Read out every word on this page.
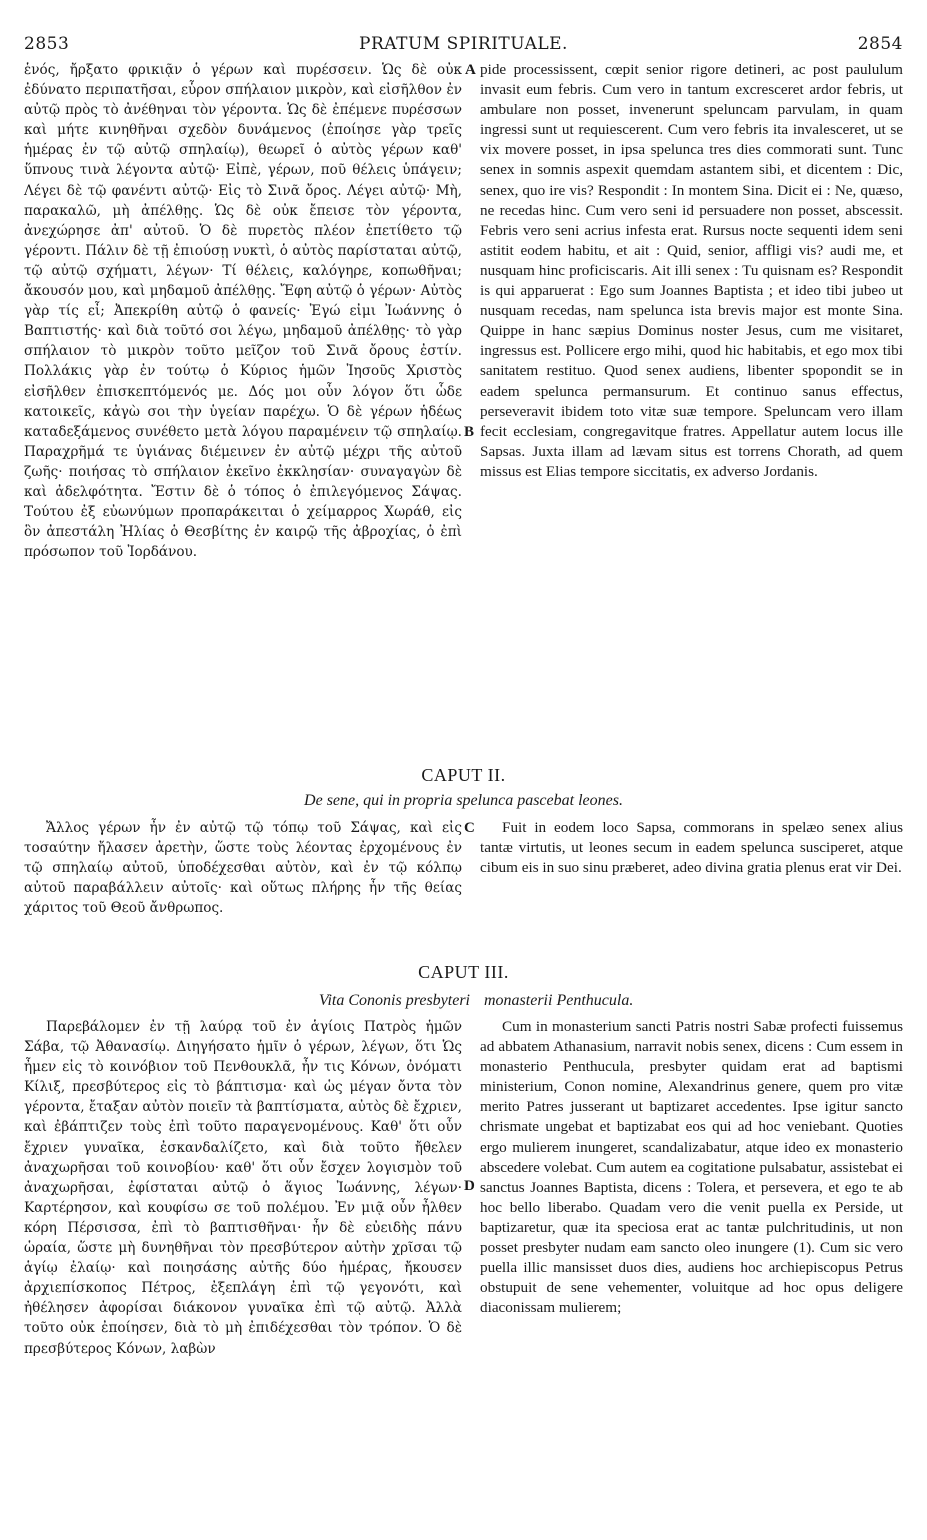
2853	PRATUM SPIRITUALE.	2854

ἑνός, ἤρξατο φρικιᾷν ὁ γέρων καὶ πυρέσσειν. Ὡς δὲ οὐκ ἐδύνατο περιπατῆσαι, εὗρον σπήλαιον μικρὸν, καὶ εἰσῆλθον ἐν αὐτῷ πρὸς τὸ ἀνέθηναι τὸν γέροντα. Ὡς δὲ ἐπέμενε πυρέσσων καὶ μήτε κινηθῆναι σχεδὸν δυνάμενος (ἐποίησε γὰρ τρεῖς ἡμέρας ἐν τῷ αὐτῷ σπηλαίῳ), θεωρεῖ ὁ αὐτὸς γέρων καθ' ὕπνους τινὰ λέγοντα αὐτῷ· Εἰπὲ, γέρων, ποῦ θέλεις ὑπάγειν; Λέγει δὲ τῷ φανέντι αὐτῷ· Εἰς τὸ Σινᾶ ὄρος. Λέγει αὐτῷ· Μὴ, παρακαλῶ, μὴ ἀπέλθῃς. Ὡς δὲ οὐκ ἔπεισε τὸν γέροντα, ἀνεχώρησε ἀπ' αὐτοῦ. Ὁ δὲ πυρετὸς πλέον ἐπετίθετο τῷ γέροντι. Πάλιν δὲ τῇ ἐπιούσῃ νυκτὶ, ὁ αὐτὸς παρίσταται αὐτῷ, τῷ αὐτῷ σχήματι, λέγων· Τί θέλεις, καλόγηρε, κοπωθῆναι; ἄκουσόν μου, καὶ μηδαμοῦ ἀπέλθῃς. Ἔφη αὐτῷ ὁ γέρων· Αὐτὸς γὰρ τίς εἶ; Ἀπεκρίθη αὐτῷ ὁ φανείς· Ἐγώ εἰμι Ἰωάννης ὁ Βαπτιστής· καὶ διὰ τοῦτό σοι λέγω, μηδαμοῦ ἀπέλθῃς· τὸ γὰρ σπήλαιον τὸ μικρὸν τοῦτο μεῖζον τοῦ Σινᾶ ὄρους ἐστίν. Πολλάκις γὰρ ἐν τούτῳ ὁ Κύριος ἡμῶν Ἰησοῦς Χριστὸς εἰσῆλθεν ἐπισκεπτόμενός με. Δός μοι οὖν λόγον ὅτι ὧδε κατοικεῖς, κἀγὼ σοι τὴν ὑγείαν παρέχω. Ὁ δὲ γέρων ἡδέως καταδεξάμενος συνέθετο μετὰ λόγου παραμένειν τῷ σπηλαίῳ. Παραχρῆμά τε ὑγιάνας διέμεινεν ἐν αὐτῷ μέχρι τῆς αὐτοῦ ζωῆς· ποιήσας τὸ σπήλαιον ἐκεῖνο ἐκκλησίαν· συναγαγὼν δὲ καὶ ἀδελφότητα. Ἔστιν δὲ ὁ τόπος ὁ ἐπιλεγόμενος Σάψας. Τούτου ἐξ εὐωνύμων προπαράκειται ὁ χείμαρρος Χωράθ, εἰς ὃν ἀπεστάλη Ἠλίας ὁ Θεσβίτης ἐν καιρῷ τῆς ἀβροχίας, ὁ ἐπὶ πρόσωπον τοῦ Ἰορδάνου.

A pide processissent, cœpit senior rigore detineri, ac post paululum invasit eum febris. Cum vero in tantum excresceret ardor febris, ut ambulare non posset, invenerunt speluncam parvulam, in quam ingressi sunt ut requiescerent. Cum vero febris ita invalesceret, ut se vix movere posset, in ipsa spelunca tres dies commorati sunt. Tunc senex in somnis aspexit quemdam astantem sibi, et dicentem : Dic, senex, quo ire vis? Respondit : In montem Sina. Dicit ei : Ne, quæso, ne recedas hinc. Cum vero seni id persuadere non posset, abscessit. Febris vero seni acrius infesta erat. Rursus nocte sequenti idem seni astitit eodem habitu, et ait : Quid, senior, affligi vis? audi me, et nusquam hinc proficiscaris. Ait illi senex : Tu quisnam es? Respondit is qui apparuerat : Ego sum Joannes Baptista ; et ideo tibi jubeo ut nusquam recedas, nam spelunca ista brevis major est monte Sina. Quippe in hanc sæpius Dominus noster Jesus, cum me visitaret, ingressus est. Pollicere ergo mihi, quod hic habitabis, et ego mox tibi sanitatem restituo. Quod senex audiens, libenter spopondit se in eadem spelunca permansurum. Et continuo sanus effectus, perseveravit ibidem toto vitæ suæ tempore. Speluncam vero illam fecit ecclesiam, congregavitque fratres. Appellatur autem locus ille Sapsas. Juxta illam ad lævam situs est torrens Chorath, ad quem missus est Elias tempore siccitatis, ex adverso Jordanis.

B
CAPUT II.
De sene, qui in propria spelunca pascebat leones.

Ἄλλος γέρων ἦν ἐν αὐτῷ τῷ τόπῳ τοῦ Σάψας, καὶ εἰς τοσαύτην ἤλασεν ἀρετὴν, ὥστε τοὺς λέοντας ἐρχομένους ἐν τῷ σπηλαίῳ αὐτοῦ, ὑποδέχεσθαι αὐτὸν, καὶ ἐν τῷ κόλπῳ αὐτοῦ παραβάλλειν αὐτοῖς· καὶ οὕτως πλήρης ἦν τῆς θείας χάριτος τοῦ Θεοῦ ἄνθρωπος.

C	Fuit in eodem loco Sapsa, commorans in spelæo senex alius tantæ virtutis, ut leones secum in eadem spelunca susciperet, atque cibum eis in suo sinu præberet, adeo divina gratia plenus erat vir Dei.

CAPUT III.
Vita Cononis presbyteri monasterii Penthucula.

Παρεβάλομεν ἐν τῇ λαύρᾳ τοῦ ἐν ἁγίοις Πατρὸς ἡμῶν Σάβα, τῷ Ἀθανασίῳ. Διηγήσατο ἡμῖν ὁ γέρων, λέγων, ὅτι Ὡς ἦμεν εἰς τὸ κοινόβιον τοῦ Πενθουκλᾶ, ἦν τις Κόνων, ὀνόματι Κίλιξ, πρεσβύτερος εἰς τὸ βάπτισμα· καὶ ὡς μέγαν ὄντα τὸν γέροντα, ἔταξαν αὐτὸν ποιεῖν τὰ βαπτίσματα, αὐτὸς δὲ ἔχριεν, καὶ ἐβάπτιζεν τοὺς ἐπὶ τοῦτο παραγενομένους. Καθ' ὅτι οὖν ἔχριεν γυναῖκα, ἐσκανδαλίζετο, καὶ διὰ τοῦτο ἤθελεν ἀναχωρῆσαι τοῦ κοινοβίου· καθ' ὅτι οὖν ἔσχεν λογισμὸν τοῦ ἀναχωρῆσαι, ἐφίσταται αὐτῷ ὁ ἅγιος Ἰωάννης, λέγων· Καρτέρησον, καὶ κουφίσω σε τοῦ πολέμου. Ἐν μιᾷ οὖν ἦλθεν κόρη Πέρσισσα, ἐπὶ τὸ βαπτισθῆναι· ἦν δὲ εὐειδὴς πάνυ ὡραία, ὥστε μὴ δυνηθῆναι τὸν πρεσβύτερον αὐτὴν χρῖσαι τῷ ἁγίῳ ἐλαίῳ· καὶ ποιησάσης αὐτῆς δύο ἡμέρας, ἤκουσεν ἀρχιεπίσκοπος Πέτρος, ἐξεπλάγη ἐπὶ τῷ γεγονότι, καὶ ἠθέλησεν ἀφορίσαι διάκονον γυναῖκα ἐπὶ τῷ αὐτῷ. Ἀλλὰ τοῦτο οὐκ ἐποίησεν, διὰ τὸ μὴ ἐπιδέχεσθαι τὸν τρόπον. Ὁ δὲ πρεσβύτερος Κόνων, λαβὼν

Cum in monasterium sancti Patris nostri Sabæ profecti fuissemus ad abbatem Athanasium, narravit nobis senex, dicens : Cum essem in monasterio Penthucula, presbyter quidam erat ad baptismi ministerium, Conon nomine, Alexandrinus genere, quem pro vitæ merito Patres jusserant ut baptizaret accedentes. Ipse igitur sancto chrismate ungebat et baptizabat eos qui ad hoc veniebant. Quoties ergo mulierem inungeret, scandalizabatur, atque ideo ex monasterio abscedere volebat. Cum autem ea cogitatione pulsabatur, assistebat ei sanctus Joannes Baptista, dicens : Tolera, et persevera, et ego te ab hoc bello liberabo. Quadam vero die venit puella ex Perside, ut baptizaretur, quæ ita speciosa erat ac tantæ pulchritudinis, ut non posset presbyter nudam eam sancto oleo inungere (1). Cum sic vero puella illic mansisset duos dies, audiens hoc archiepiscopus Petrus obstupuit de sene vehementer, voluitque ad hoc opus deligere diaconissam mulierem;

D
